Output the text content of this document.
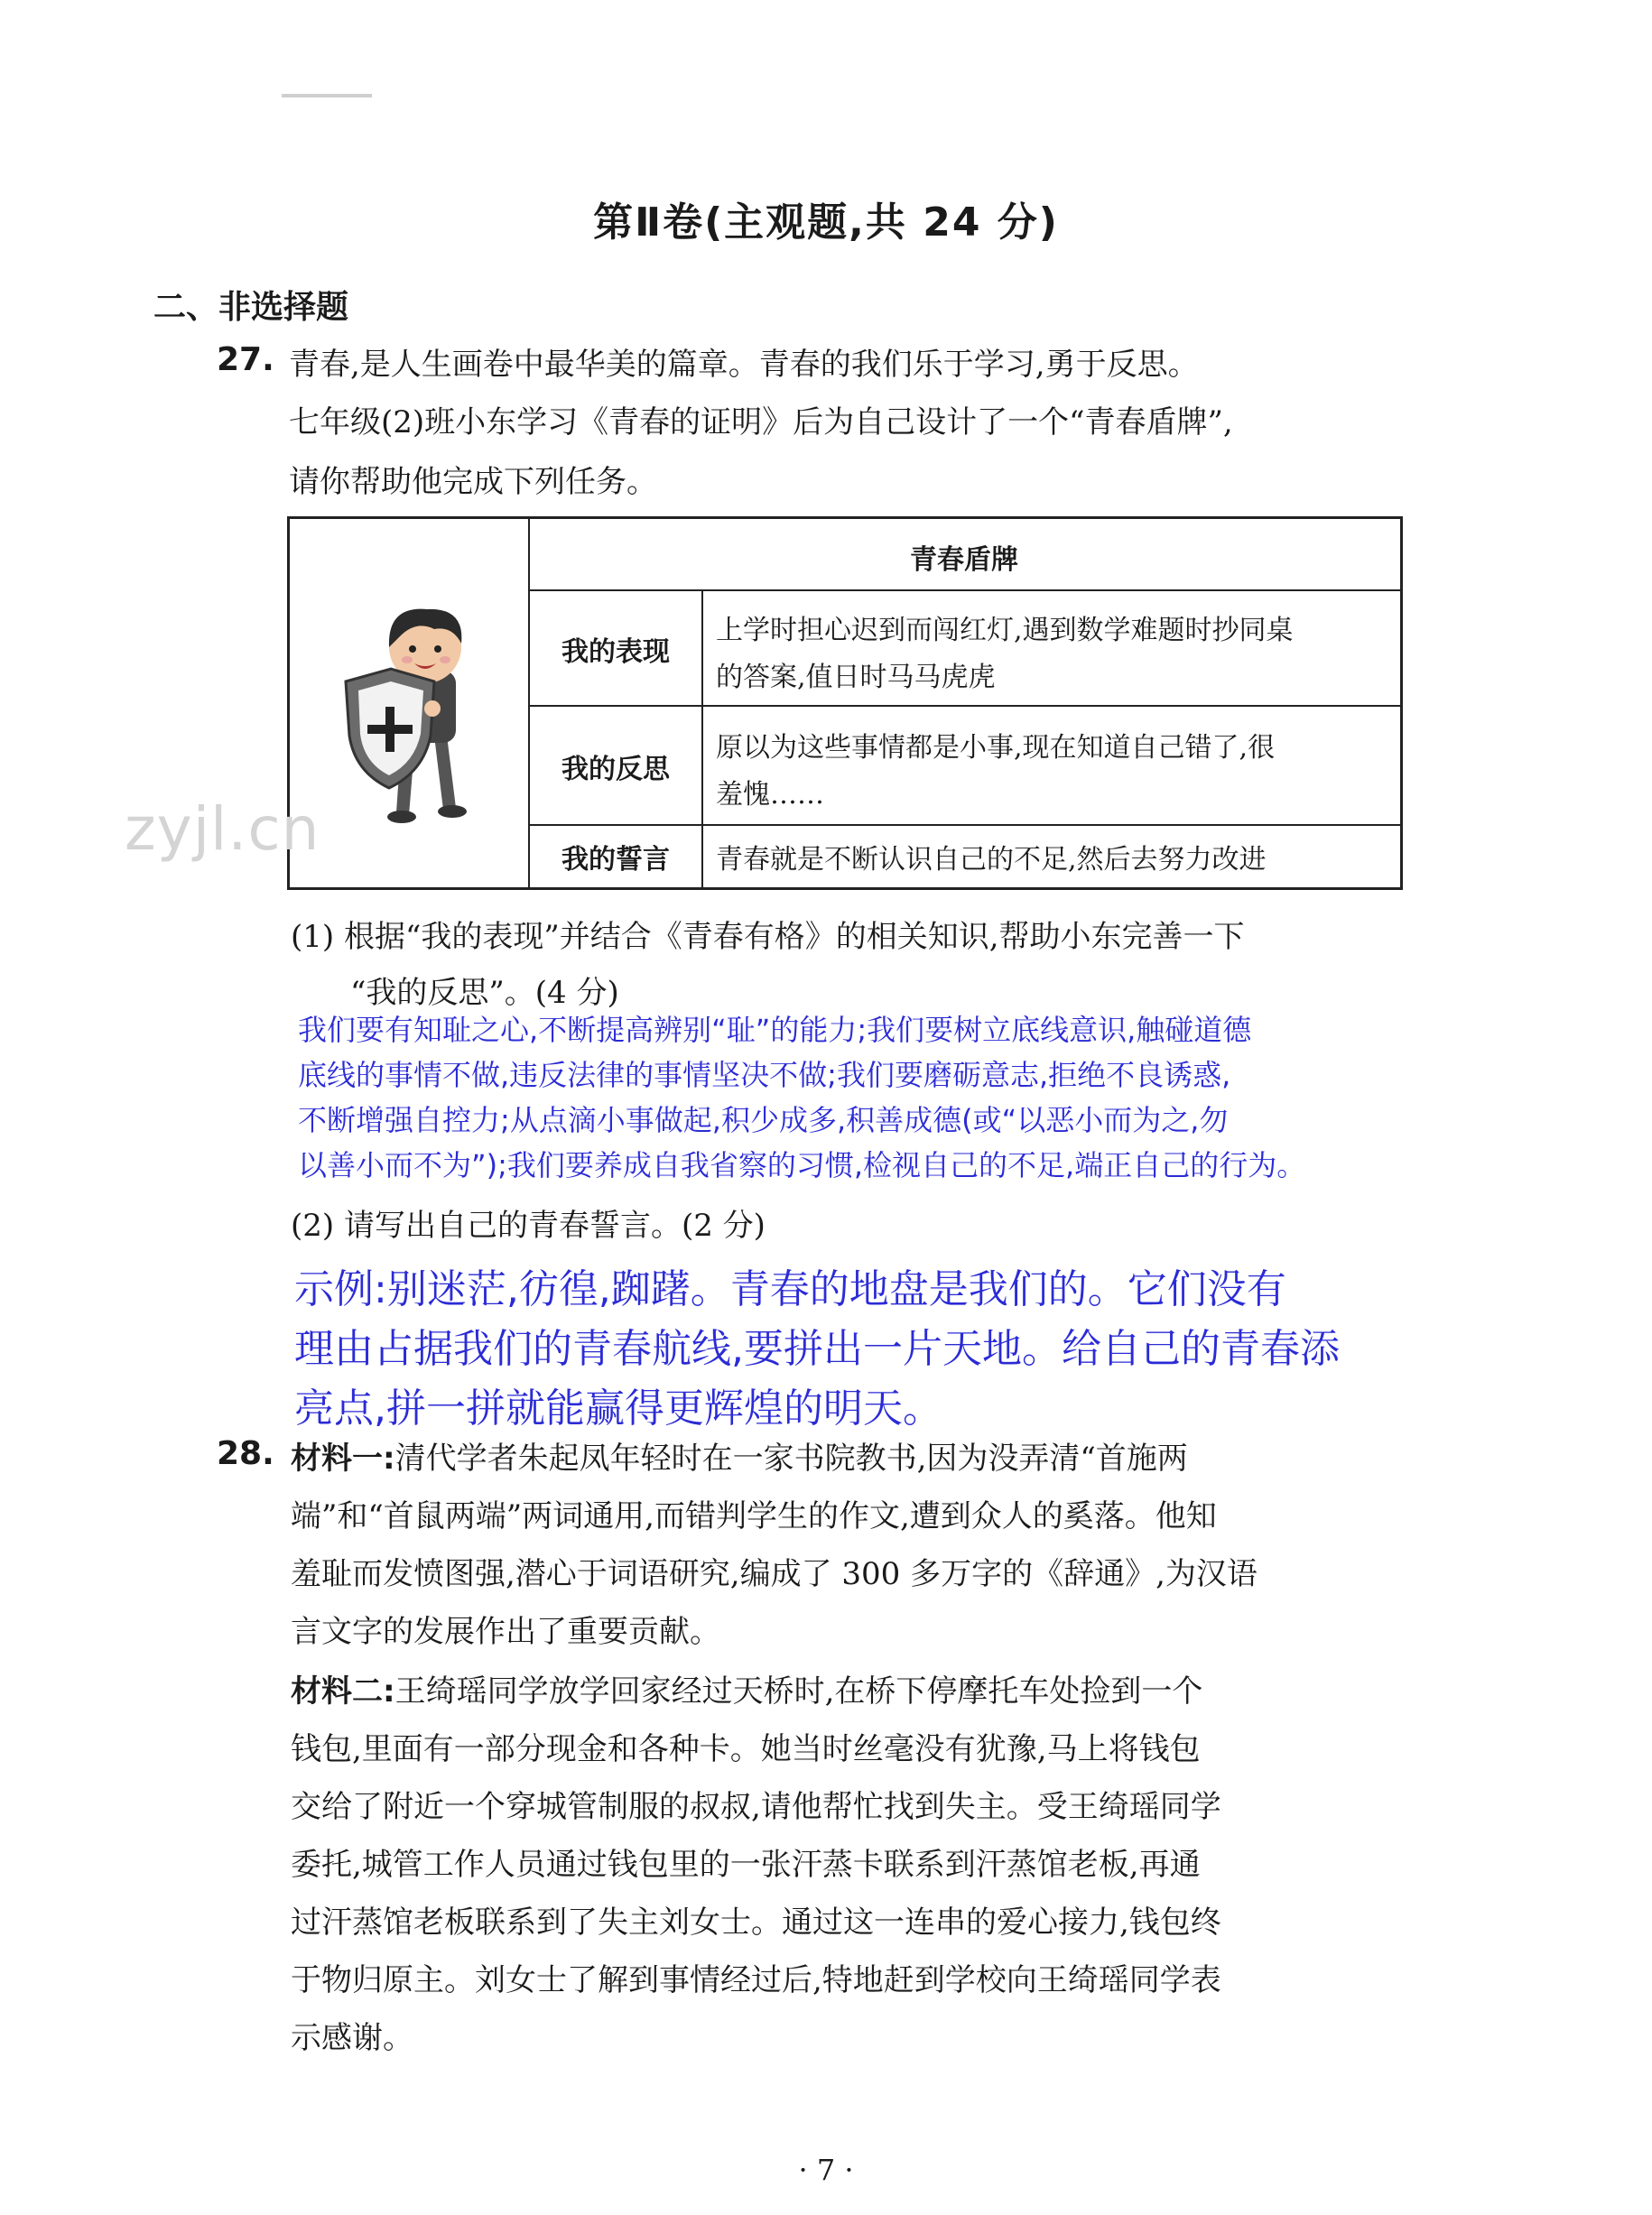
第Ⅱ卷(主观题,共 24 分)
二、非选择题
27. 青春,是人生画卷中最华美的篇章。青春的我们乐于学习,勇于反思。
七年级(2)班小东学习《青春的证明》后为自己设计了一个“青春盾牌”,
请你帮助他完成下列任务。
青春盾牌
我的表现
上学时担心迟到而闯红灯,遇到数学难题时抄同桌
的答案,值日时马马虎虎
我的反思
原以为这些事情都是小事,现在知道自己错了,很
羞愧……
我的誓言	青春就是不断认识自己的不足,然后去努力改进
zyjl.cn
(1) 根据“我的表现”并结合《青春有格》的相关知识,帮助小东完善一下
“我的反思”。(4 分)
我们要有知耻之心,不断提高辨别“耻”的能力;我们要树立底线意识,触碰道德
底线的事情不做,违反法律的事情坚决不做;我们要磨砺意志,拒绝不良诱惑,
不断增强自控力;从点滴小事做起,积少成多,积善成德(或“以恶小而为之,勿
以善小而不为”);我们要养成自我省察的习惯,检视自己的不足,端正自己的行为。
(2) 请写出自己的青春誓言。(2 分)
示例:别迷茫,彷徨,踟躇。青春的地盘是我们的。它们没有
理由占据我们的青春航线,要拼出一片天地。给自己的青春添
亮点,拼一拼就能赢得更辉煌的明天。
28. 材料一:清代学者朱起凤年轻时在一家书院教书,因为没弄清“首施两
端”和“首鼠两端”两词通用,而错判学生的作文,遭到众人的奚落。他知
羞耻而发愤图强,潜心于词语研究,编成了 300 多万字的《辞通》,为汉语
言文字的发展作出了重要贡献。
材料二:王绮瑶同学放学回家经过天桥时,在桥下停摩托车处捡到一个
钱包,里面有一部分现金和各种卡。她当时丝毫没有犹豫,马上将钱包
交给了附近一个穿城管制服的叔叔,请他帮忙找到失主。受王绮瑶同学
委托,城管工作人员通过钱包里的一张汗蒸卡联系到汗蒸馆老板,再通
过汗蒸馆老板联系到了失主刘女士。通过这一连串的爱心接力,钱包终
于物归原主。刘女士了解到事情经过后,特地赶到学校向王绮瑶同学表
示感谢。
· 7 ·
